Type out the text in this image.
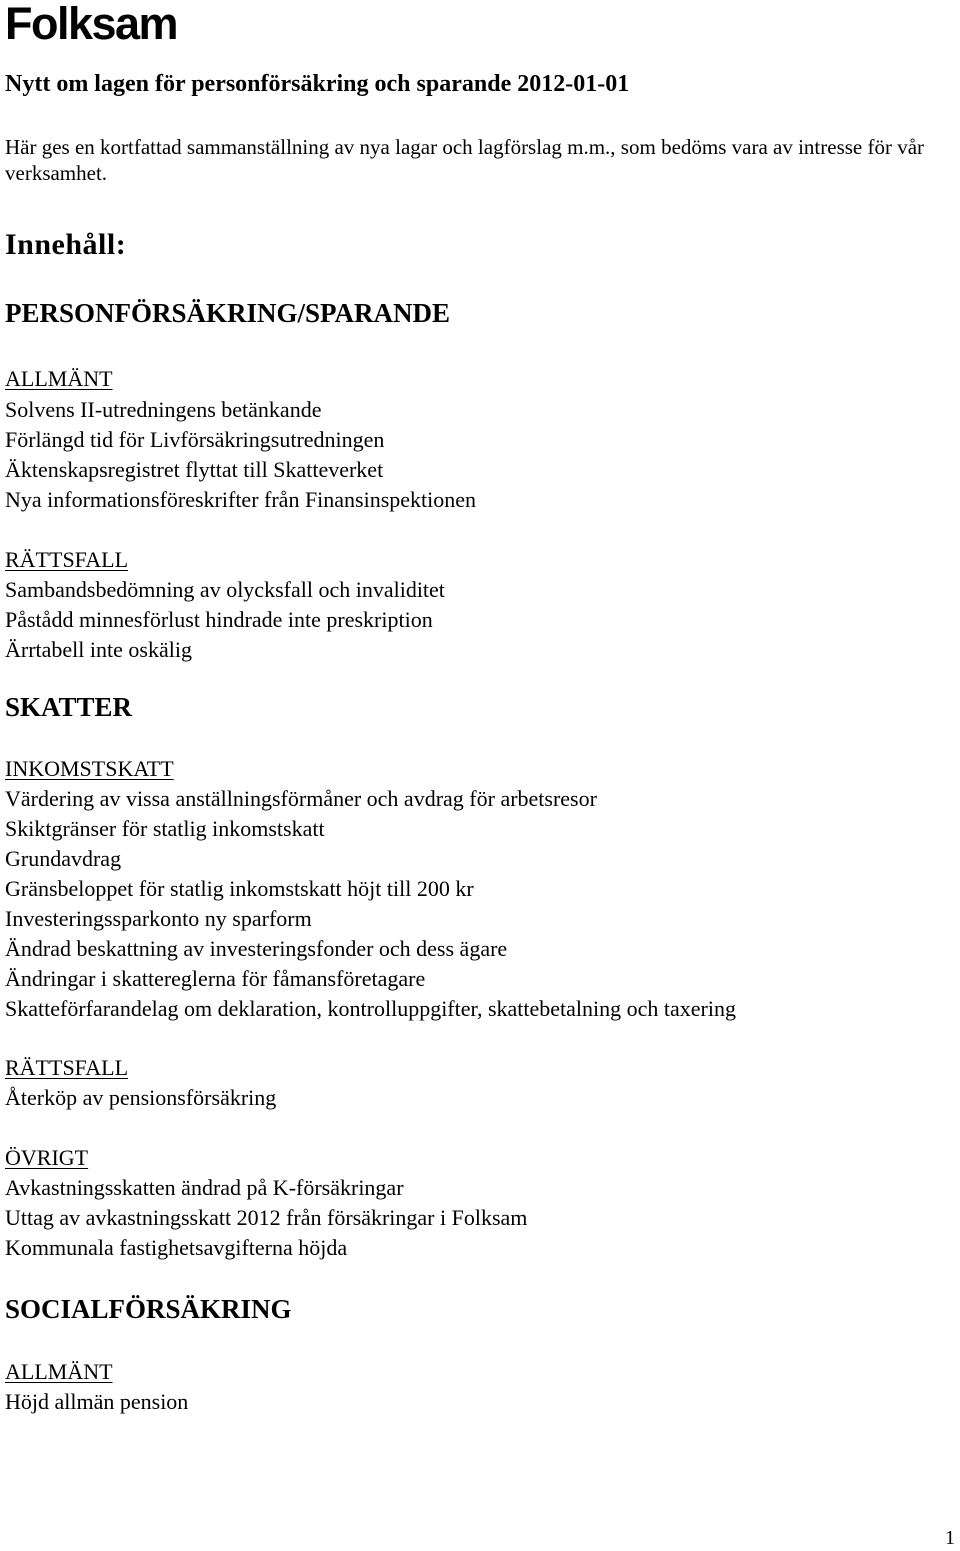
Folksam
Nytt om lagen för personförsäkring och sparande 2012-01-01

Här ges en kortfattad sammanställning av nya lagar och lagförslag m.m., som bedöms vara av intresse för vår verksamhet.

Innehåll:
PERSONFÖRSÄKRING/SPARANDE
ALLMÄNT
Solvens II-utredningens betänkande
Förlängd tid för Livförsäkringsutredningen
Äktenskapsregistret flyttat till Skatteverket
Nya informationsföreskrifter från Finansinspektionen
RÄTTSFALL
Sambandsbedömning av olycksfall och invaliditet
Påstådd minnesförlust hindrade inte preskription
Ärrtabell inte oskälig
SKATTER
INKOMSTSKATT
Värdering av vissa anställningsförmåner och avdrag för arbetsresor
Skiktgränser för statlig inkomstskatt
Grundavdrag
Gränsbeloppet för statlig inkomstskatt höjt till 200 kr
Investeringssparkonto ny sparform
Ändrad beskattning av investeringsfonder och dess ägare
Ändringar i skattereglerna för fåmansföretagare
Skatteförfarandelag om deklaration, kontrolluppgifter, skattebetalning och taxering
RÄTTSFALL
Återköp av pensionsförsäkring
ÖVRIGT
Avkastningsskatten ändrad på K-försäkringar
Uttag av avkastningsskatt 2012 från försäkringar i Folksam
Kommunala fastighetsavgifterna höjda
SOCIALFÖRSÄKRING
ALLMÄNT
Höjd allmän pension
1
